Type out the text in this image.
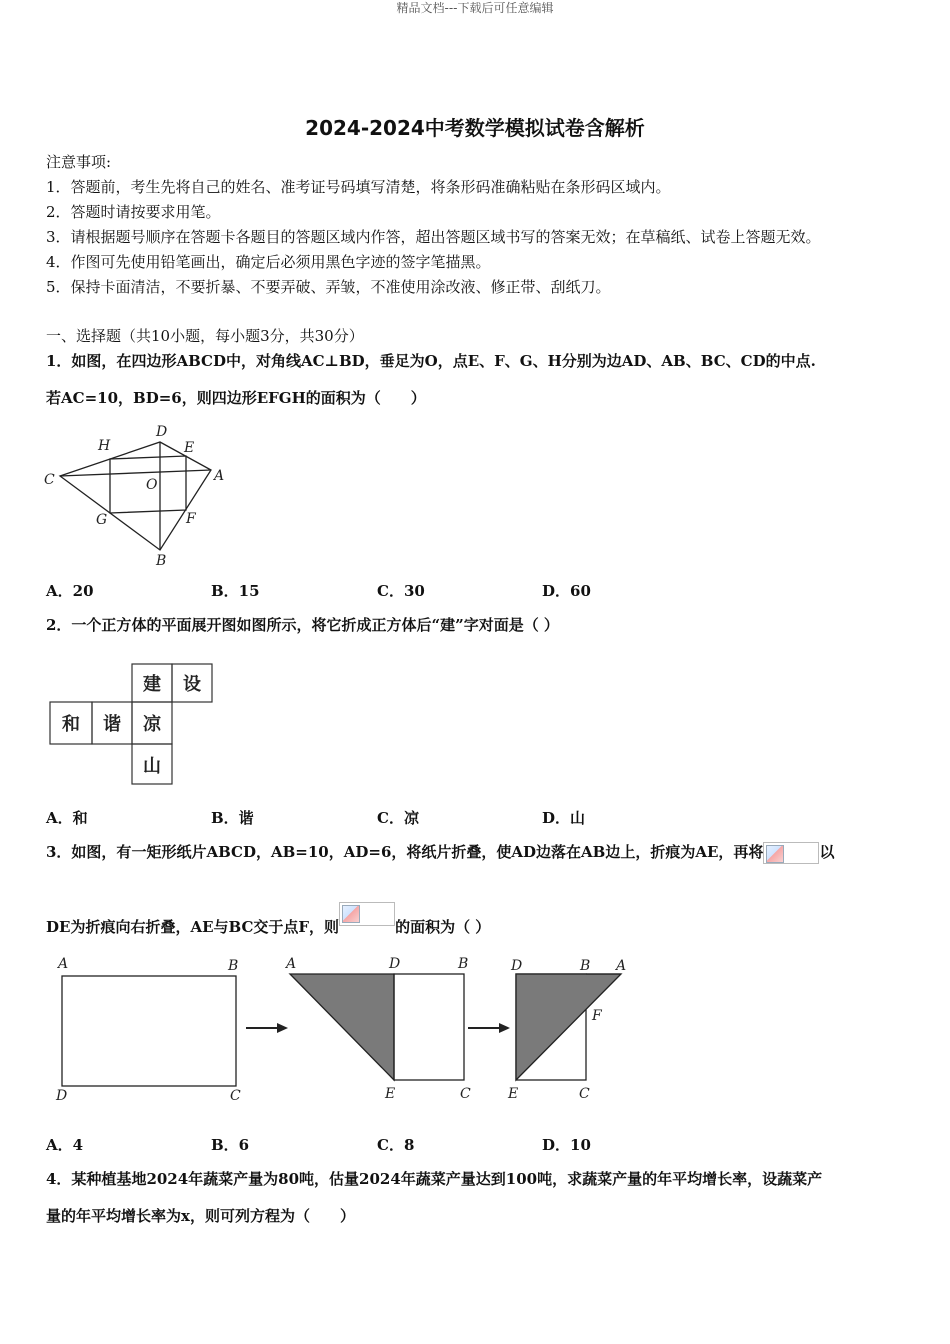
精品文档---下载后可任意编辑
2024-2024中考数学模拟试卷含解析
注意事项:
1．答题前，考生先将自己的姓名、准考证号码填写清楚，将条形码准确粘贴在条形码区域内。
2．答题时请按要求用笔。
3．请根据题号顺序在答题卡各题目的答题区域内作答，超出答题区域书写的答案无效；在草稿纸、试卷上答题无效。
4．作图可先使用铅笔画出，确定后必须用黑色字迹的签字笔描黑。
5．保持卡面清洁，不要折暴、不要弄破、弄皱，不准使用涂改液、修正带、刮纸刀。
一、选择题（共10小题，每小题3分，共30分）
1．如图，在四边形ABCD中，对角线AC⊥BD，垂足为O，点E、F、G、H分别为边AD、AB、BC、CD的中点.
若AC=10，BD=6，则四边形EFGH的面积为（　　）
D
H	E
C	O
A
G	F
B
A．20	B．15	C．30	D．60
2．一个正方体的平面展开图如图所示，将它折成正方体后“建”字对面是（ ）
建 设
和 谐 凉
山
A．和	B．谐	C．凉	D．山
3．如图，有一矩形纸片ABCD，AB=10，AD=6，将纸片折叠，使AD边落在AB边上，折痕为AE，再将	以
DE为折痕向右折叠，AE与BC交于点F，则	的面积为（ ）
A	B
D	C
A	D	B
E	C
D	B A
F
E	C
A．4	B．6	C．8	D．10
4．某种植基地2024年蔬菜产量为80吨，估量2024年蔬菜产量达到100吨，求蔬菜产量的年平均增长率，设蔬菜产
量的年平均增长率为x，则可列方程为（　　）
